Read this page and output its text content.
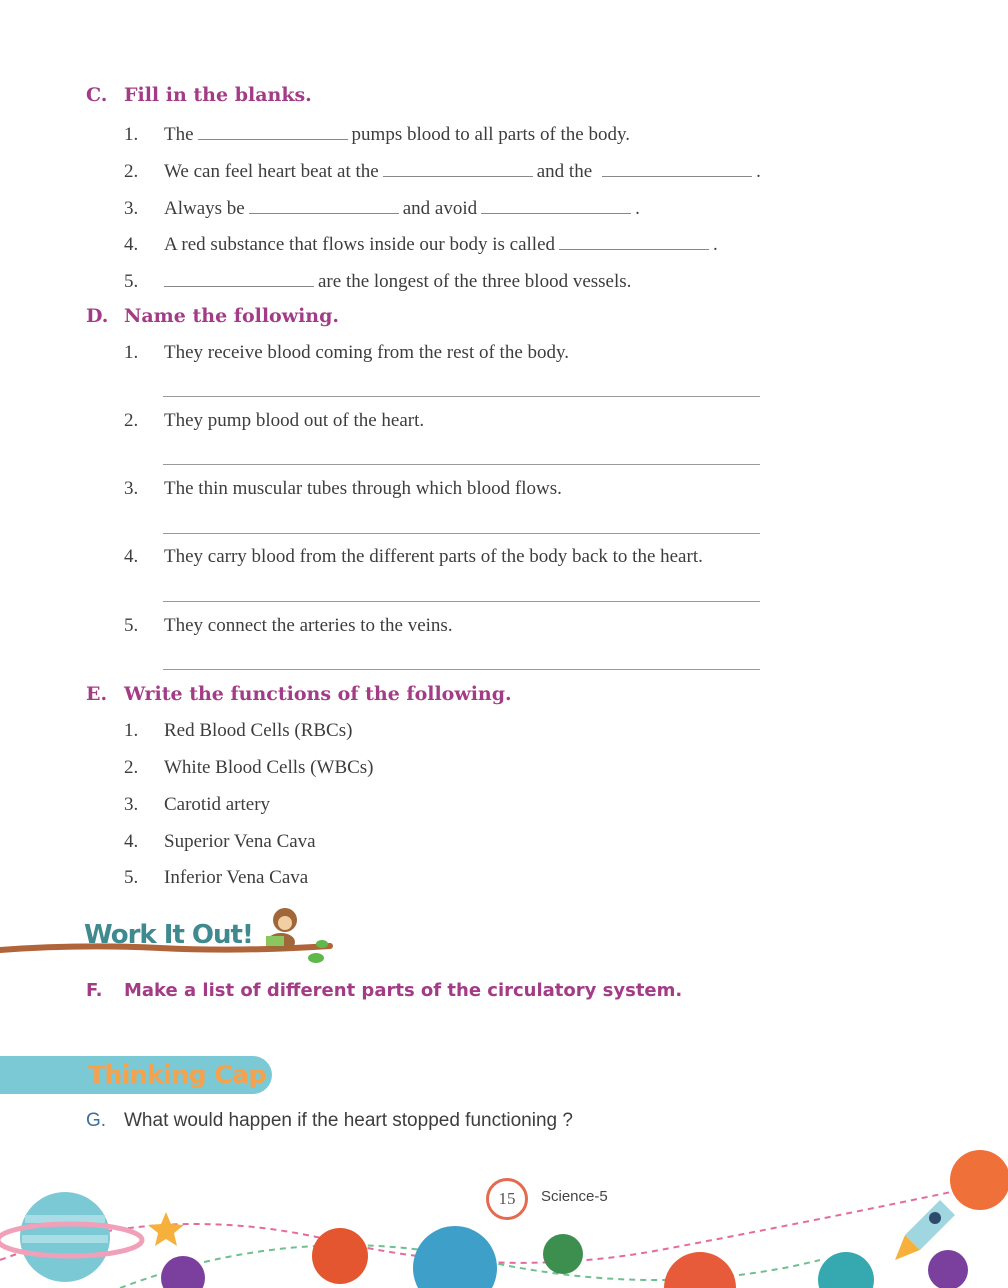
C. Fill in the blanks.
1. The	pumps blood to all parts of the body.
2. We can feel heart beat at the	and the	.
3. Always be	and avoid	.
4. A red substance that flows inside our body is called	.
5.	are the longest of the three blood vessels.
D. Name the following.
1. They receive blood coming from the rest of the body.
2. They pump blood out of the heart.
3. The thin muscular tubes through which blood flows.
4. They carry blood from the different parts of the body back to the heart.
5. They connect the arteries to the veins.
E. Write the functions of the following.
1. Red Blood Cells (RBCs)
2. White Blood Cells (WBCs)
3. Carotid artery
4. Superior Vena Cava
5. Inferior Vena Cava
Work It Out!
F. Make a list of different parts of the circulatory system.
Thinking Cap
G. What would happen if the heart stopped functioning ?
15	Science-5
